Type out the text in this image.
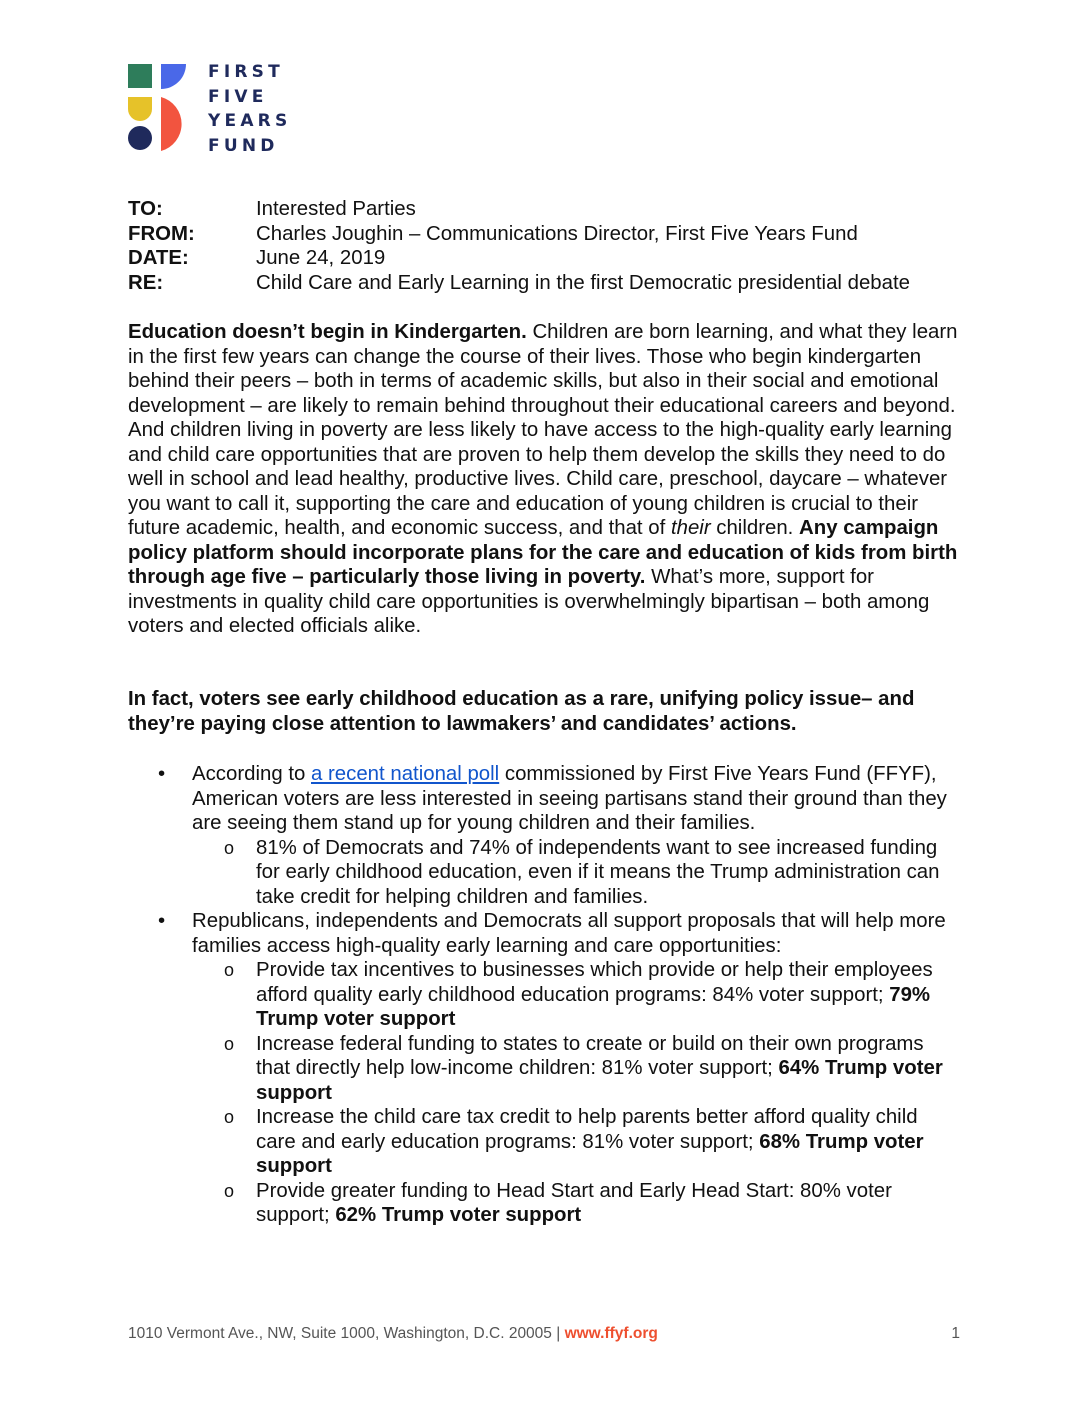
FIRST
FIVE
YEARS
FUND
TO:	Interested Parties
FROM:	Charles Joughin – Communications Director, First Five Years Fund
DATE:	June 24, 2019
RE:	Child Care and Early Learning in the first Democratic presidential debate

Education doesn’t begin in Kindergarten. Children are born learning, and what they learn in the first few years can change the course of their lives. Those who begin kindergarten behind their peers – both in terms of academic skills, but also in their social and emotional development – are likely to remain behind throughout their educational careers and beyond. And children living in poverty are less likely to have access to the high-quality early learning and child care opportunities that are proven to help them develop the skills they need to do well in school and lead healthy, productive lives. Child care, preschool, daycare – whatever you want to call it, supporting the care and education of young children is crucial to their future academic, health, and economic success, and that of their children. Any campaign policy platform should incorporate plans for the care and education of kids from birth through age five – particularly those living in poverty. What’s more, support for investments in quality child care opportunities is overwhelmingly bipartisan – both among voters and elected officials alike.

In fact, voters see early childhood education as a rare, unifying policy issue– and they’re paying close attention to lawmakers’ and candidates’ actions.

• According to a recent national poll commissioned by First Five Years Fund (FFYF), American voters are less interested in seeing partisans stand their ground than they are seeing them stand up for young children and their families.
o 81% of Democrats and 74% of independents want to see increased funding for early childhood education, even if it means the Trump administration can take credit for helping children and families.
• Republicans, independents and Democrats all support proposals that will help more families access high-quality early learning and care opportunities:
o Provide tax incentives to businesses which provide or help their employees afford quality early childhood education programs: 84% voter support; 79% Trump voter support
o Increase federal funding to states to create or build on their own programs that directly help low-income children: 81% voter support; 64% Trump voter support
o Increase the child care tax credit to help parents better afford quality child care and early education programs: 81% voter support; 68% Trump voter support
o Provide greater funding to Head Start and Early Head Start: 80% voter support; 62% Trump voter support
1010 Vermont Ave., NW, Suite 1000, Washington, D.C. 20005 | www.ffyf.org	1
